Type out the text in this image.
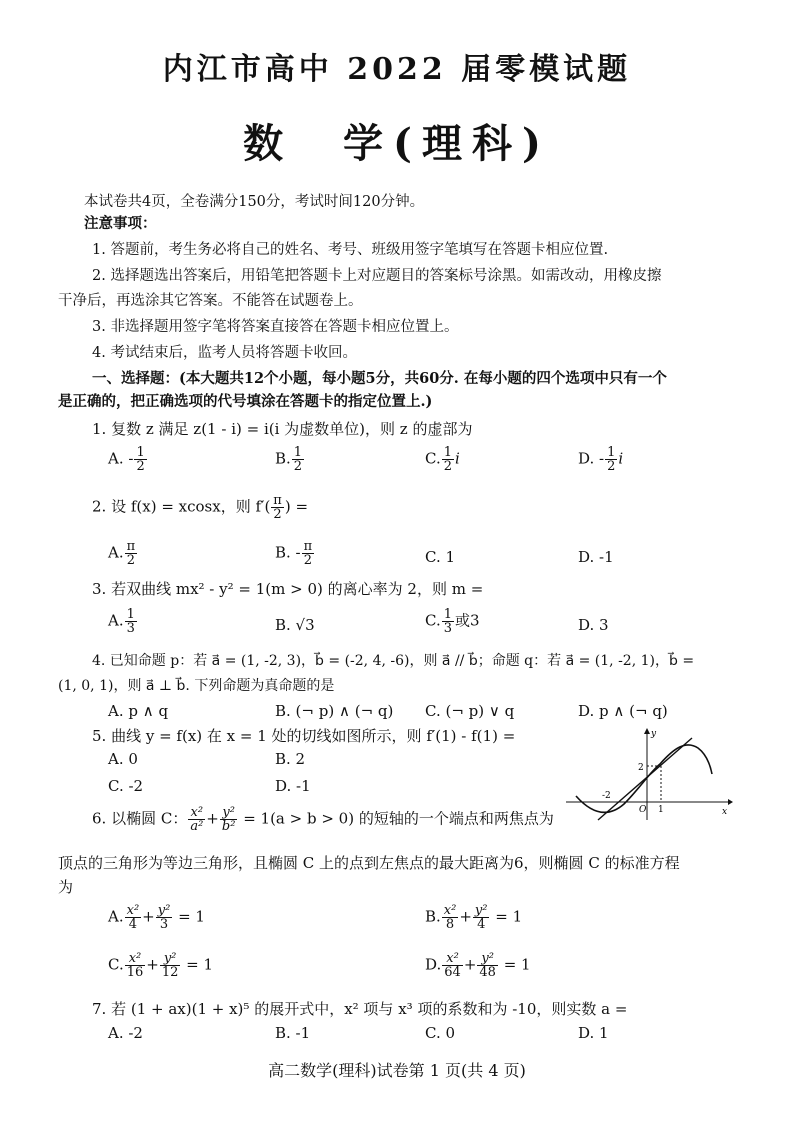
内江市高中 2022 届零模试题
数　学(理科)
本试卷共4页，全卷满分150分，考试时间120分钟。
注意事项：
1. 答题前，考生务必将自己的姓名、考号、班级用签字笔填写在答题卡相应位置.
2. 选择题选出答案后，用铅笔把答题卡上对应题目的答案标号涂黑。如需改动，用橡皮擦
干净后，再选涂其它答案。不能答在试题卷上。
3. 非选择题用签字笔将答案直接答在答题卡相应位置上。
4. 考试结束后，监考人员将答题卡收回。
一、选择题：(本大题共12个小题，每小题5分，共60分. 在每小题的四个选项中只有一个
是正确的，把正确选项的代号填涂在答题卡的指定位置上.)
1. 复数 z 满足 z(1 - i) = i(i 为虚数单位)，则 z 的虚部为
A. - $\frac{1}{2}$	B. $\frac{1}{2}$	C. $\frac{1}{2}$ i	D. - $\frac{1}{2}$ i
2. 设 f(x) = xcosx，则 $f'( \frac{\pi}{2}$ ) =
A. $\frac{\pi}{2}$	B. - $\frac{\pi}{2}$	C. 1	D. -1
3. 若双曲线 mx² - y² = 1(m > 0) 的离心率为 2，则 m =
A. $\frac{1}{3}$	B. √3	C. $\frac{1}{3}$ 或3	D. 3
4. 已知命题 p：若 a⃗ = (1, -2, 3)，b⃗ = (-2, 4, -6)，则 a⃗ // b⃗；命题 q：若 a⃗ = (1, -2, 1)，b⃗ =
(1, 0, 1)，则 a⃗ ⊥ b⃗. 下列命题为真命题的是
A. p ∧ q	B. (¬ p) ∧ (¬ q) C. (¬ p) ∨ q	D. p ∧ (¬ q)
5. 曲线 y = f(x) 在 x = 1 处的切线如图所示，则 f′(1) - f(1) =
A. 0	B. 2
C. -2	D. -1
y
x
O
2
-2
1
6. 以椭圆 C： $\frac{\text{x²}}{\text{a²}} + \frac{\text{y²}}{\text{b²}} = 1(a > b > 0)$ 的短轴的一个端点和两焦点为
顶点的三角形为等边三角形，且椭圆 C 上的点到左焦点的最大距离为6，则椭圆 C 的标准方程
为
A. $\frac{\text{x²}}{4} + \frac{\text{y²}}{3} = 1$	B. $\frac{\text{x²}}{8} + \frac{\text{y²}}{4} = 1$
C. $\frac{\text{x²}}{16} + \frac{\text{y²}}{12} = 1$	D. $\frac{\text{x²}}{64} + \frac{\text{y²}}{48} = 1$
7. 若 (1 + ax)(1 + x)⁵ 的展开式中，x² 项与 x³ 项的系数和为 -10，则实数 a =
A. -2	B. -1	C. 0	D. 1
高二数学(理科)试卷第 1 页(共 4 页)
